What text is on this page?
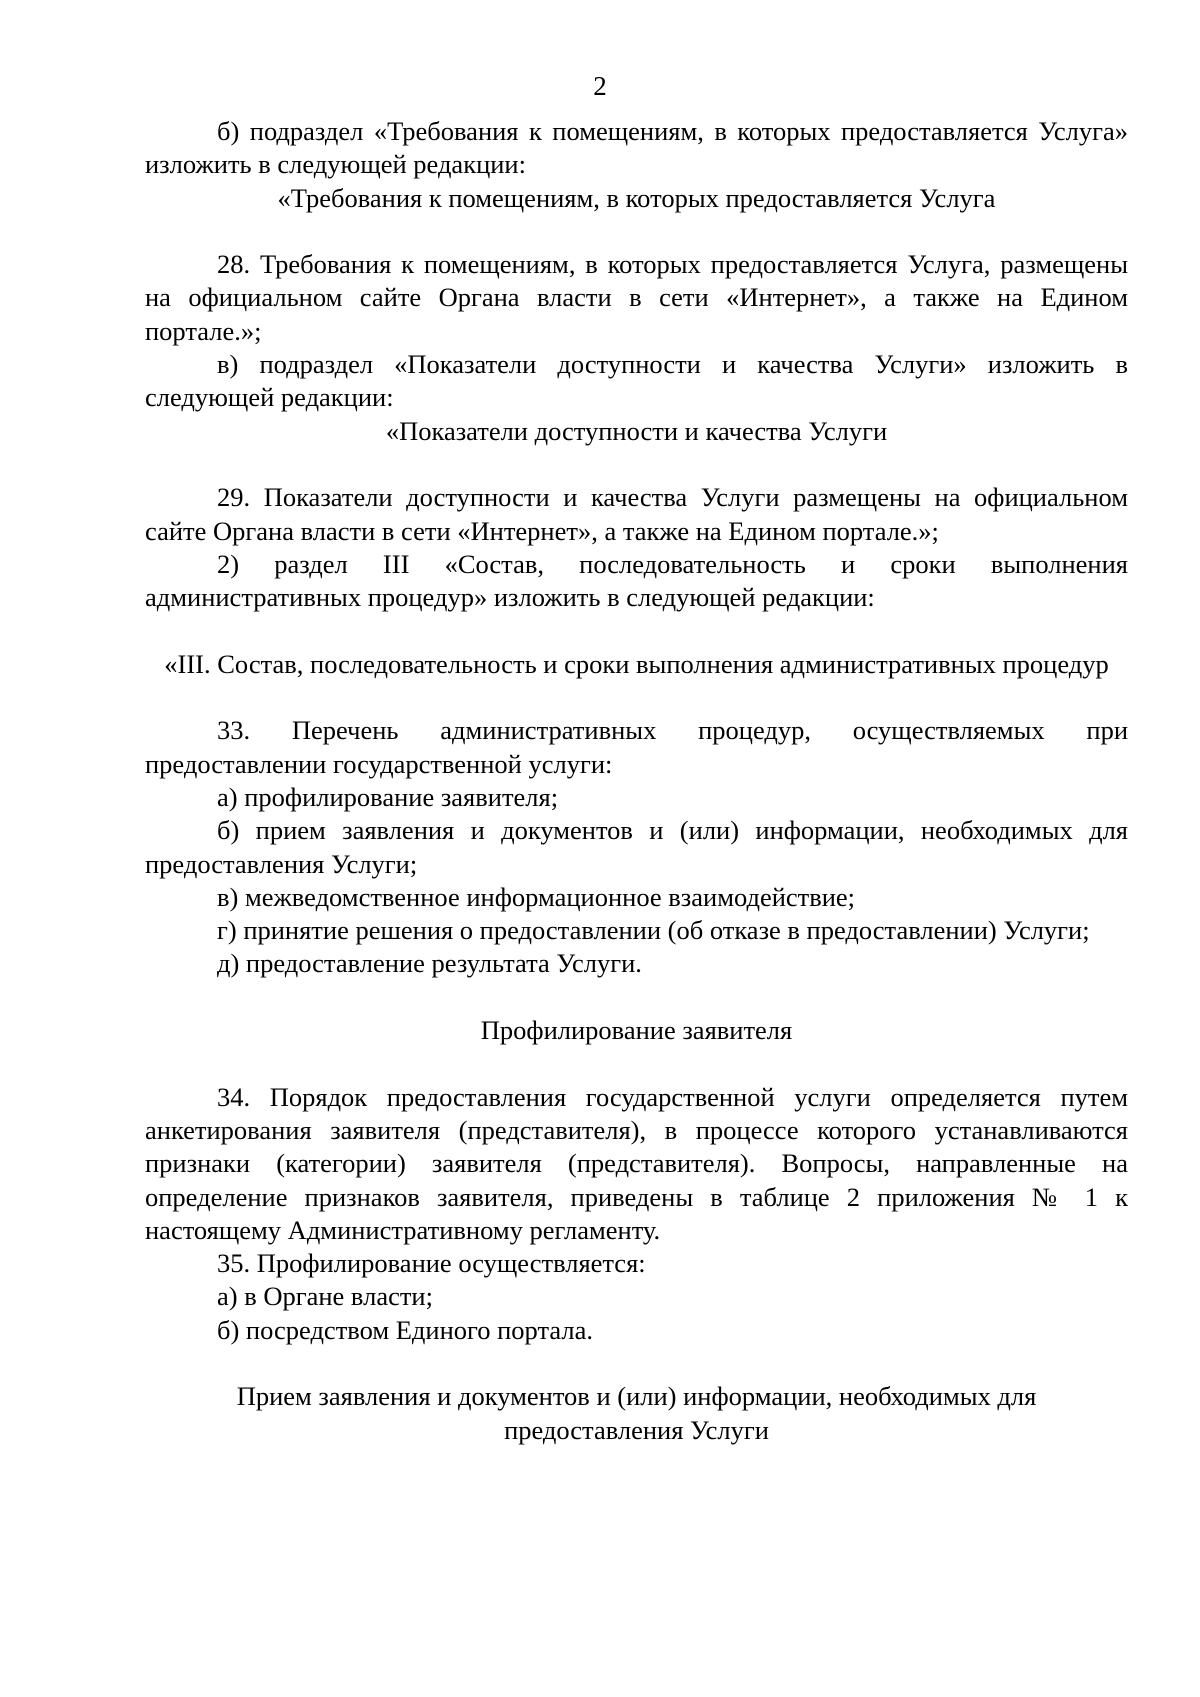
2

б) подраздел «Требования к помещениям, в которых предоставляется Услуга» изложить в следующей редакции:

«Требования к помещениям, в которых предоставляется Услуга

28. Требования к помещениям, в которых предоставляется Услуга, размещены на официальном сайте Органа власти в сети «Интернет», а также на Едином портале.»;

в) подраздел «Показатели доступности и качества Услуги» изложить в следующей редакции:

«Показатели доступности и качества Услуги

29. Показатели доступности и качества Услуги размещены на официальном сайте Органа власти в сети «Интернет», а также на Едином портале.»;

2) раздел III «Состав, последовательность и сроки выполнения административных процедур» изложить в следующей редакции:

«III. Состав, последовательность и сроки выполнения административных процедур

33. Перечень административных процедур, осуществляемых при предоставлении государственной услуги:

а) профилирование заявителя;

б) прием заявления и документов и (или) информации, необходимых для предоставления Услуги;

в) межведомственное информационное взаимодействие;

г) принятие решения о предоставлении (об отказе в предоставлении) Услуги;

д) предоставление результата Услуги.

Профилирование заявителя

34. Порядок предоставления государственной услуги определяется путем анкетирования заявителя (представителя), в процессе которого устанавливаются признаки (категории) заявителя (представителя). Вопросы, направленные на определение признаков заявителя, приведены в таблице 2 приложения № 1 к настоящему Административному регламенту.

35. Профилирование осуществляется:

а) в Органе власти;

б) посредством Единого портала.

Прием заявления и документов и (или) информации, необходимых для предоставления Услуги
